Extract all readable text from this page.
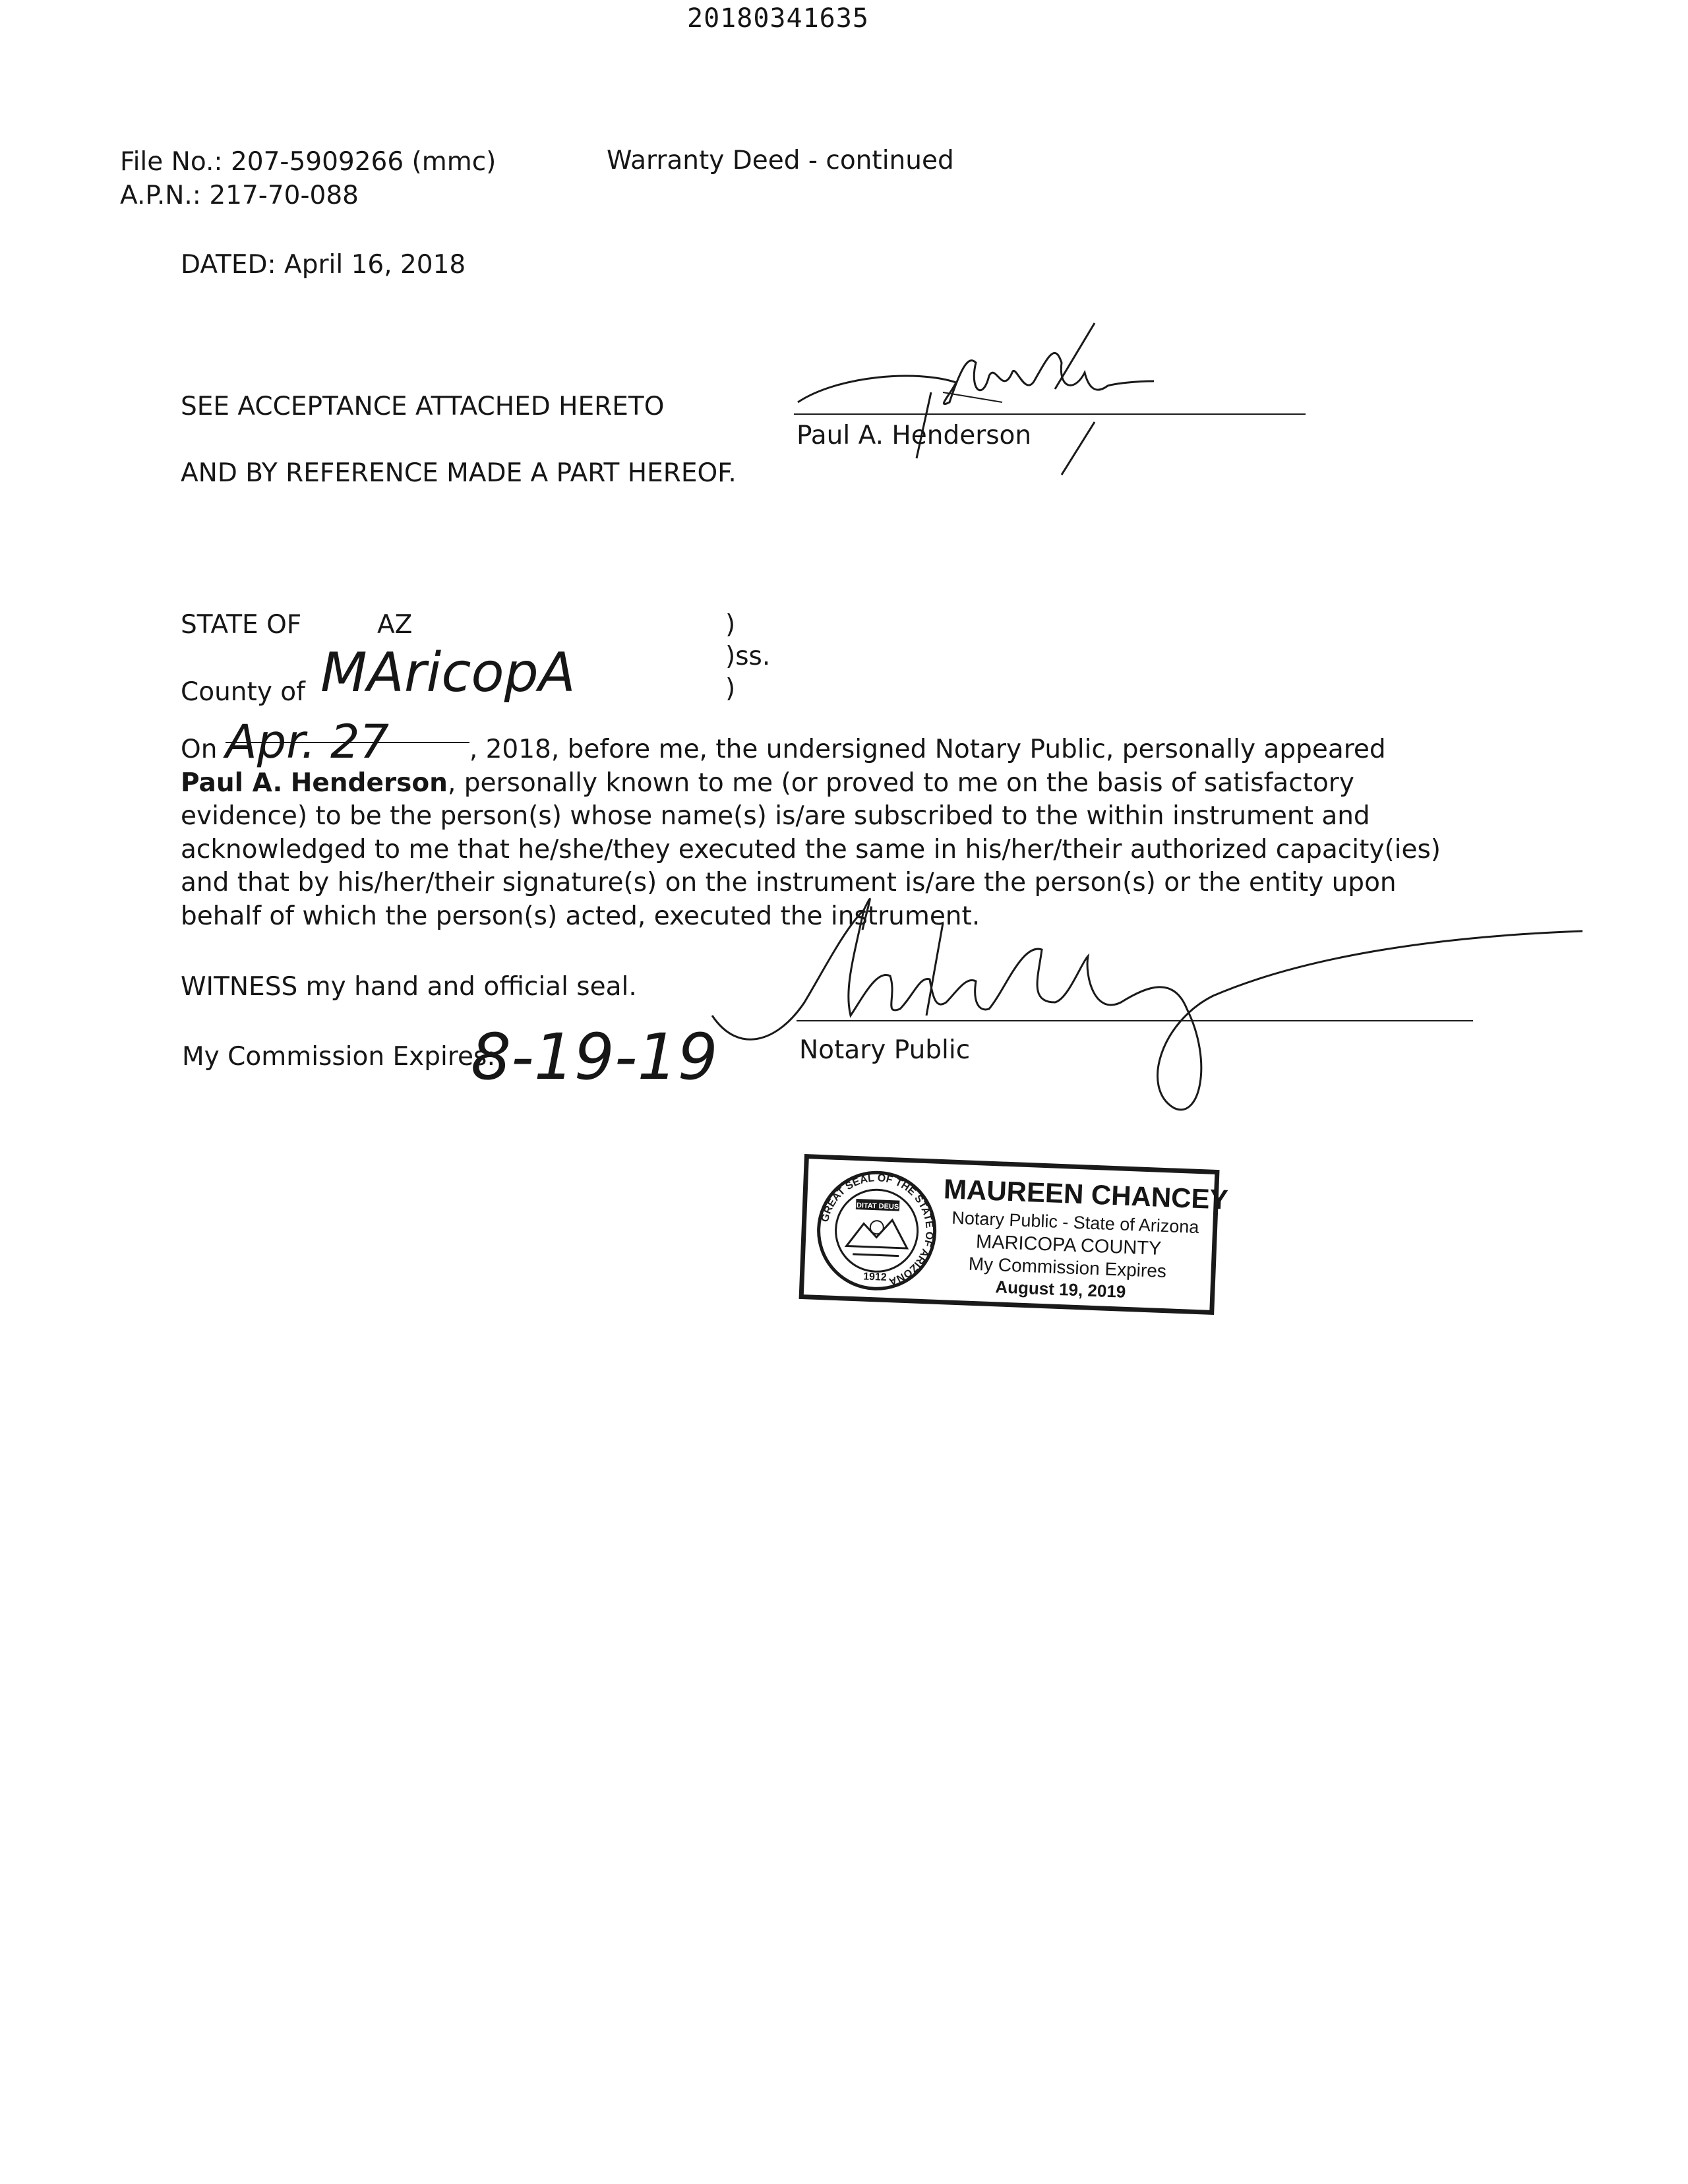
20180341635
File No.: 207-5909266 (mmc)
A.P.N.: 217-70-088
Warranty Deed - continued
DATED: April 16, 2018
SEE ACCEPTANCE ATTACHED HERETO
AND BY REFERENCE MADE A PART HEREOF.
Paul A. Henderson
STATE OF	AZ
County of MAricopA
)
)ss.
)
On Apr. 27	, 2018, before me, the undersigned Notary Public, personally appeared Paul A. Henderson, personally known to me (or proved to me on the basis of satisfactory evidence) to be the person(s) whose name(s) is/are subscribed to the within instrument and acknowledged to me that he/she/they executed the same in his/her/their authorized capacity(ies) and that by his/her/their signature(s) on the instrument is/are the person(s) or the entity upon behalf of which the person(s) acted, executed the instrument.
WITNESS my hand and official seal.
My Commission Expires:
8-19-19	Notary Public
GREAT SEAL OF THE STATE OF ARIZONA
DITAT DEUS
1912
MAUREEN CHANCEY
Notary Public - State of Arizona
MARICOPA COUNTY
My Commission Expires
August 19, 2019
